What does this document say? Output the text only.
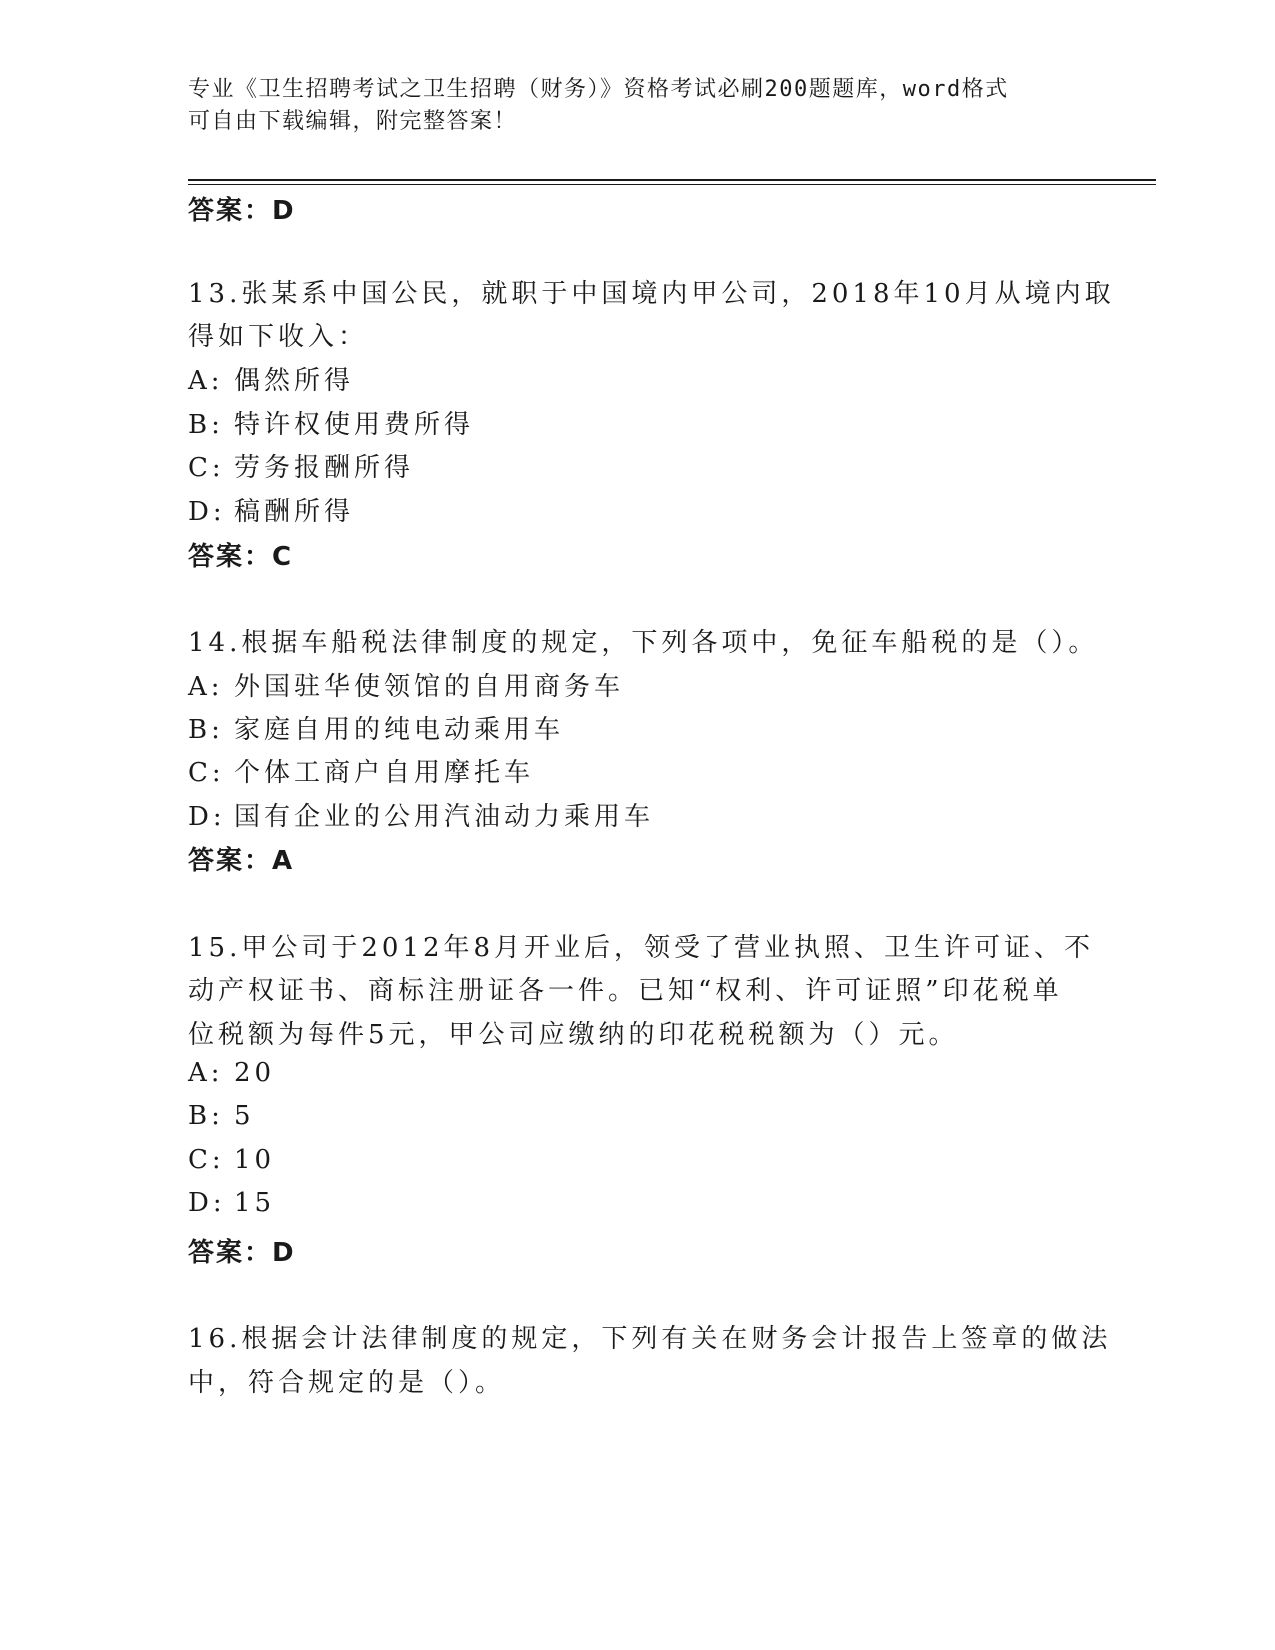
专业《卫生招聘考试之卫生招聘（财务）》资格考试必刷200题题库，word格式
可自由下载编辑，附完整答案！
答案：D
13.张某系中国公民，就职于中国境内甲公司，2018年10月从境内取
得如下收入：
A: 偶然所得
B: 特许权使用费所得
C: 劳务报酬所得
D: 稿酬所得
答案：C
14.根据车船税法律制度的规定，下列各项中，免征车船税的是（）。
A: 外国驻华使领馆的自用商务车
B: 家庭自用的纯电动乘用车
C: 个体工商户自用摩托车
D: 国有企业的公用汽油动力乘用车
答案：A
15.甲公司于2012年8月开业后，领受了营业执照、卫生许可证、不
动产权证书、商标注册证各一件。已知“权利、许可证照”印花税单
位税额为每件5元，甲公司应缴纳的印花税税额为（）元。
A: 20
B: 5
C: 10
D: 15
答案：D
16.根据会计法律制度的规定，下列有关在财务会计报告上签章的做法
中，符合规定的是（）。
